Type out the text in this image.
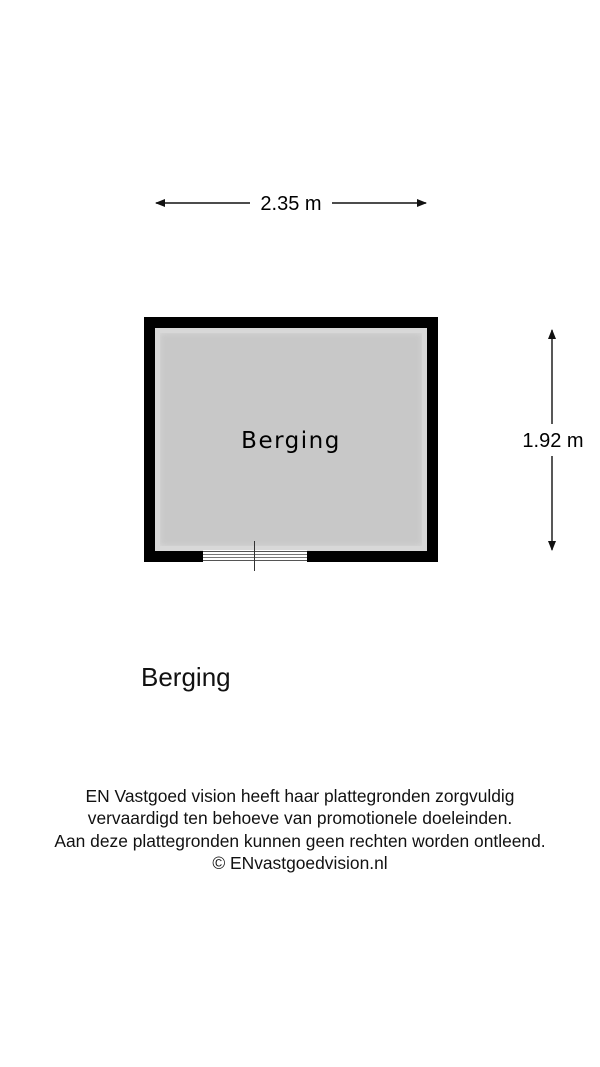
2.35 m
1.92 m
Berging
Berging
EN Vastgoed vision heeft haar plattegronden zorgvuldig
vervaardigd ten behoeve van promotionele doeleinden.
Aan deze plattegronden kunnen geen rechten worden ontleend.
© ENvastgoedvision.nl
